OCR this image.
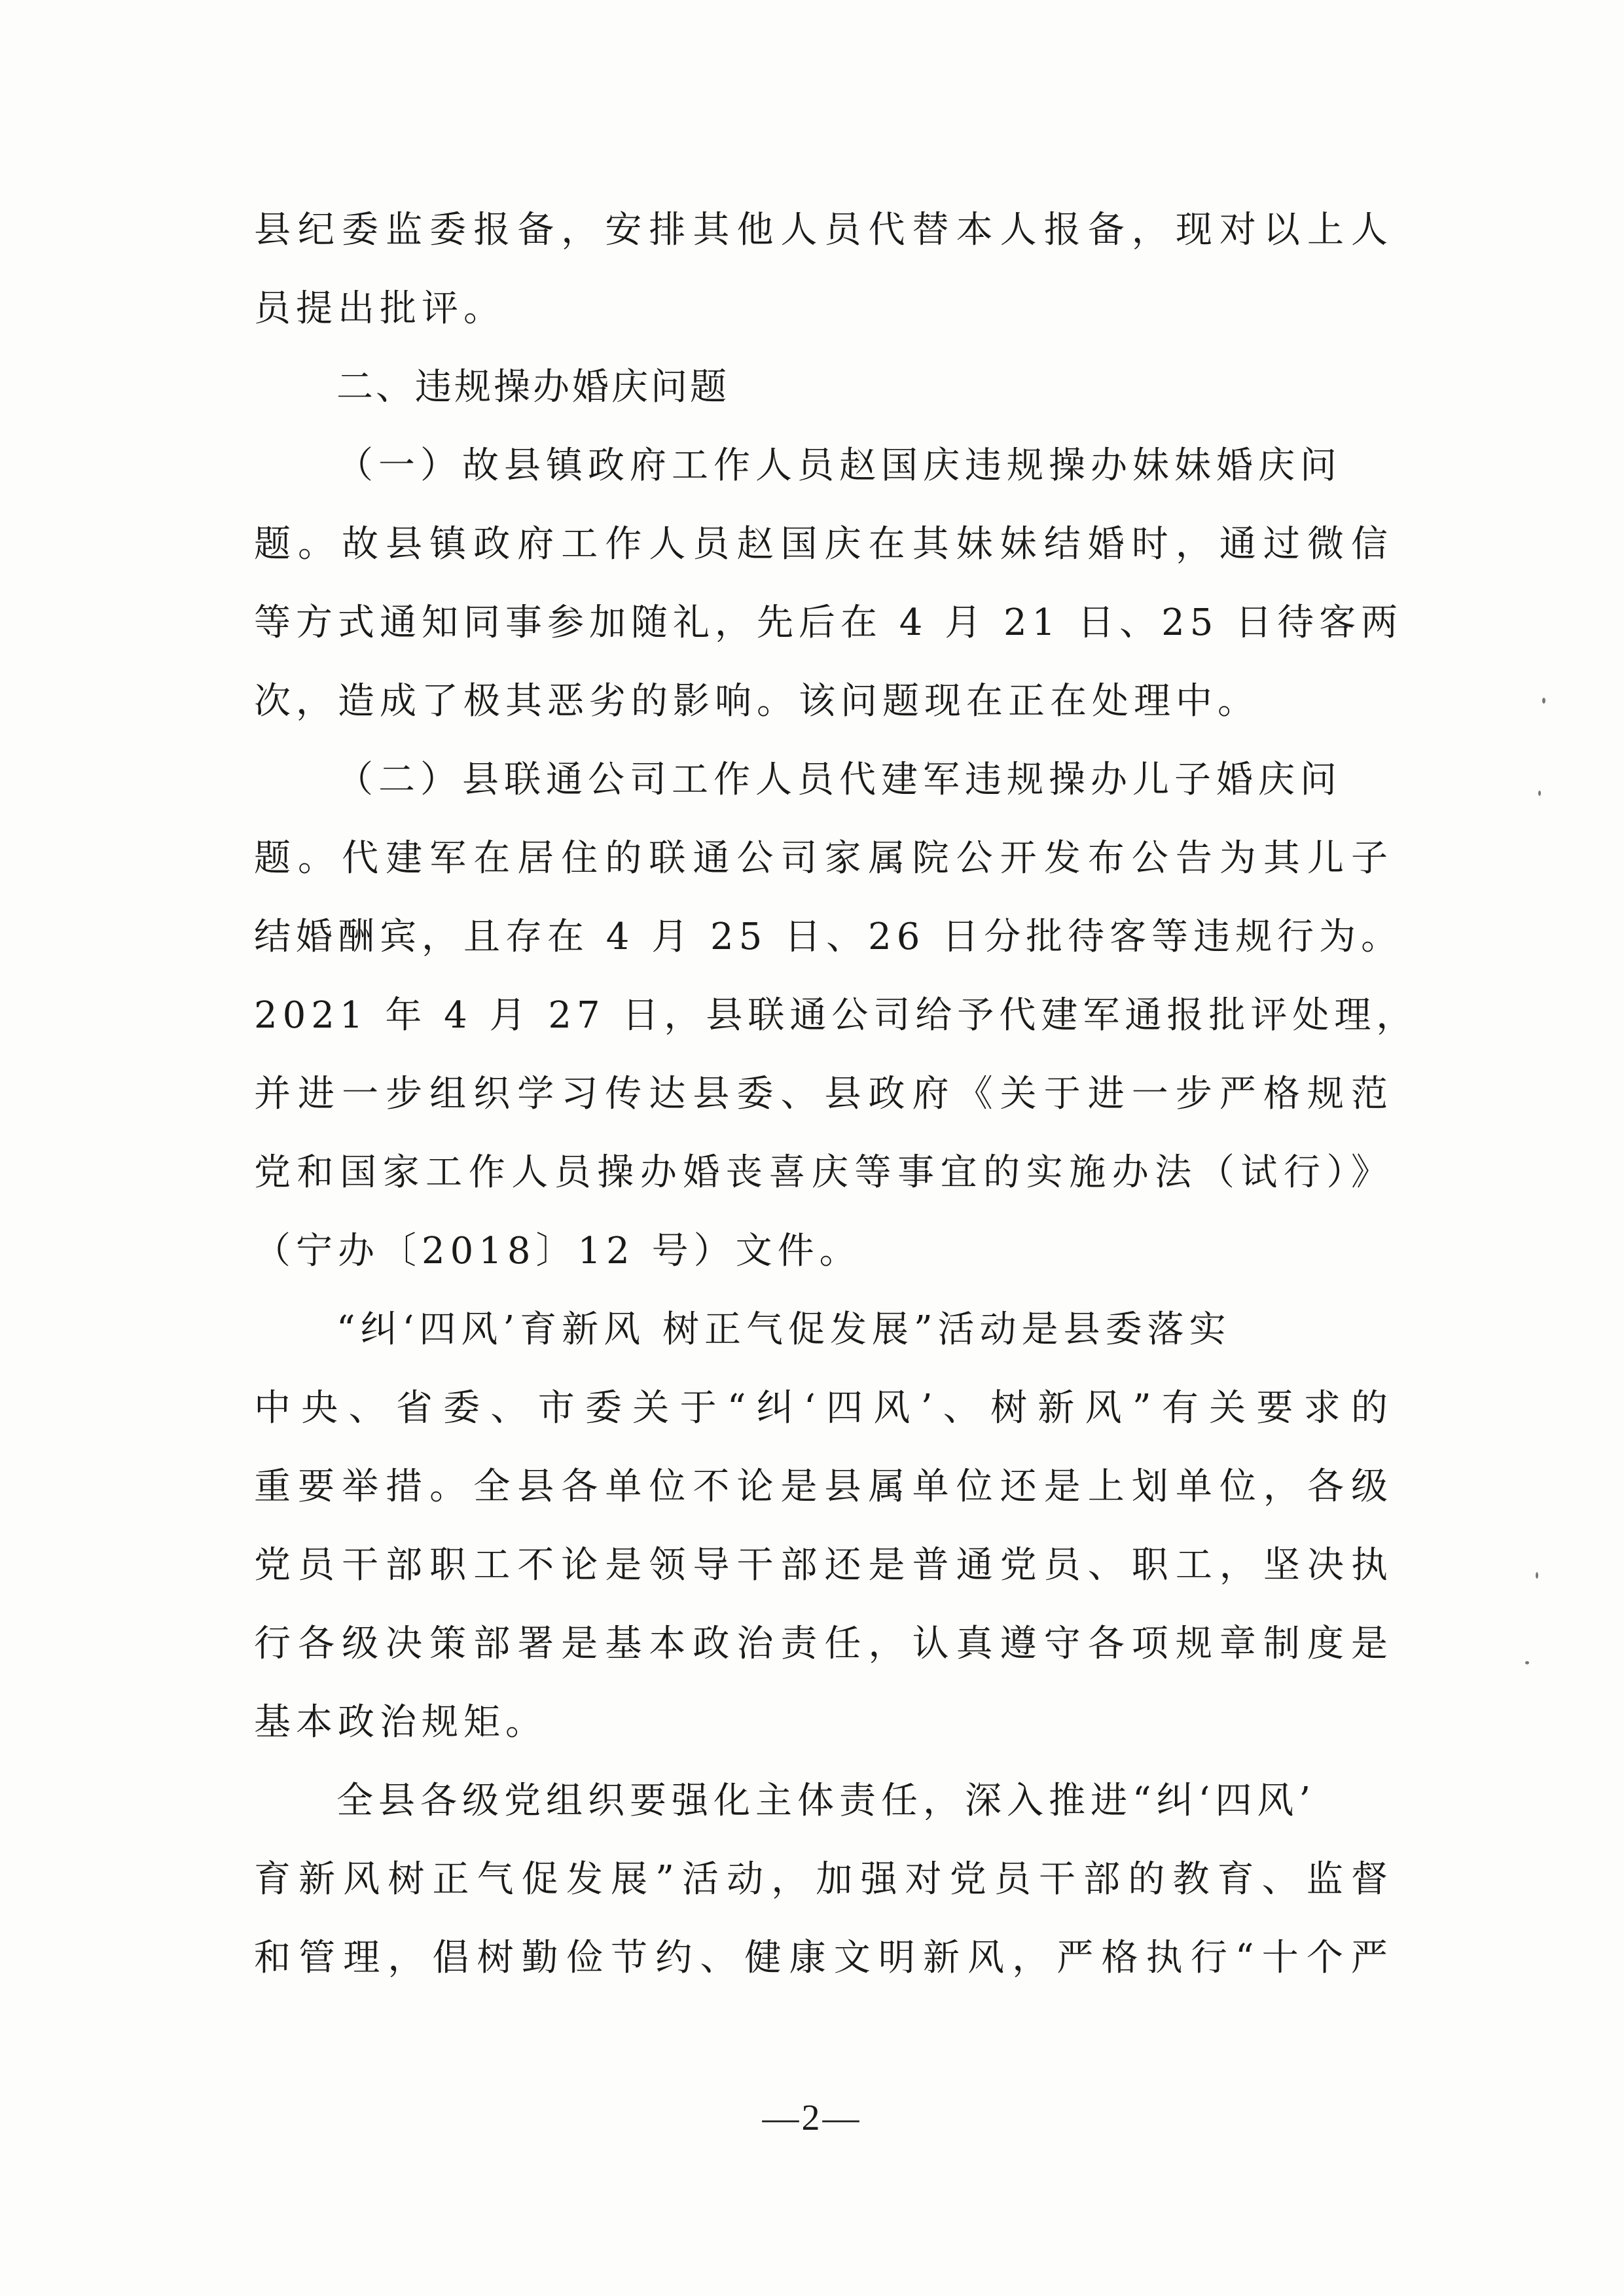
县纪委监委报备，安排其他人员代替本人报备，现对以上人
员提出批评。
二、违规操办婚庆问题
（一）故县镇政府工作人员赵国庆违规操办妹妹婚庆问
题。故县镇政府工作人员赵国庆在其妹妹结婚时，通过微信
等方式通知同事参加随礼，先后在 4 月 21 日、25 日待客两
次，造成了极其恶劣的影响。该问题现在正在处理中。
（二）县联通公司工作人员代建军违规操办儿子婚庆问
题。代建军在居住的联通公司家属院公开发布公告为其儿子
结婚酬宾，且存在 4 月 25 日、26 日分批待客等违规行为。
2021 年 4 月 27 日，县联通公司给予代建军通报批评处理，
并进一步组织学习传达县委、县政府《关于进一步严格规范
党和国家工作人员操办婚丧喜庆等事宜的实施办法（试行）》
（宁办〔2018〕12 号）文件。
“纠‘四风’育新风 树正气促发展”活动是县委落实
中央、省委、市委关于“纠‘四风’、树新风”有关要求的
重要举措。全县各单位不论是县属单位还是上划单位，各级
党员干部职工不论是领导干部还是普通党员、职工，坚决执
行各级决策部署是基本政治责任，认真遵守各项规章制度是
基本政治规矩。
全县各级党组织要强化主体责任，深入推进“纠‘四风’
育新风树正气促发展”活动，加强对党员干部的教育、监督
和管理，倡树勤俭节约、健康文明新风，严格执行“十个严
—2—
